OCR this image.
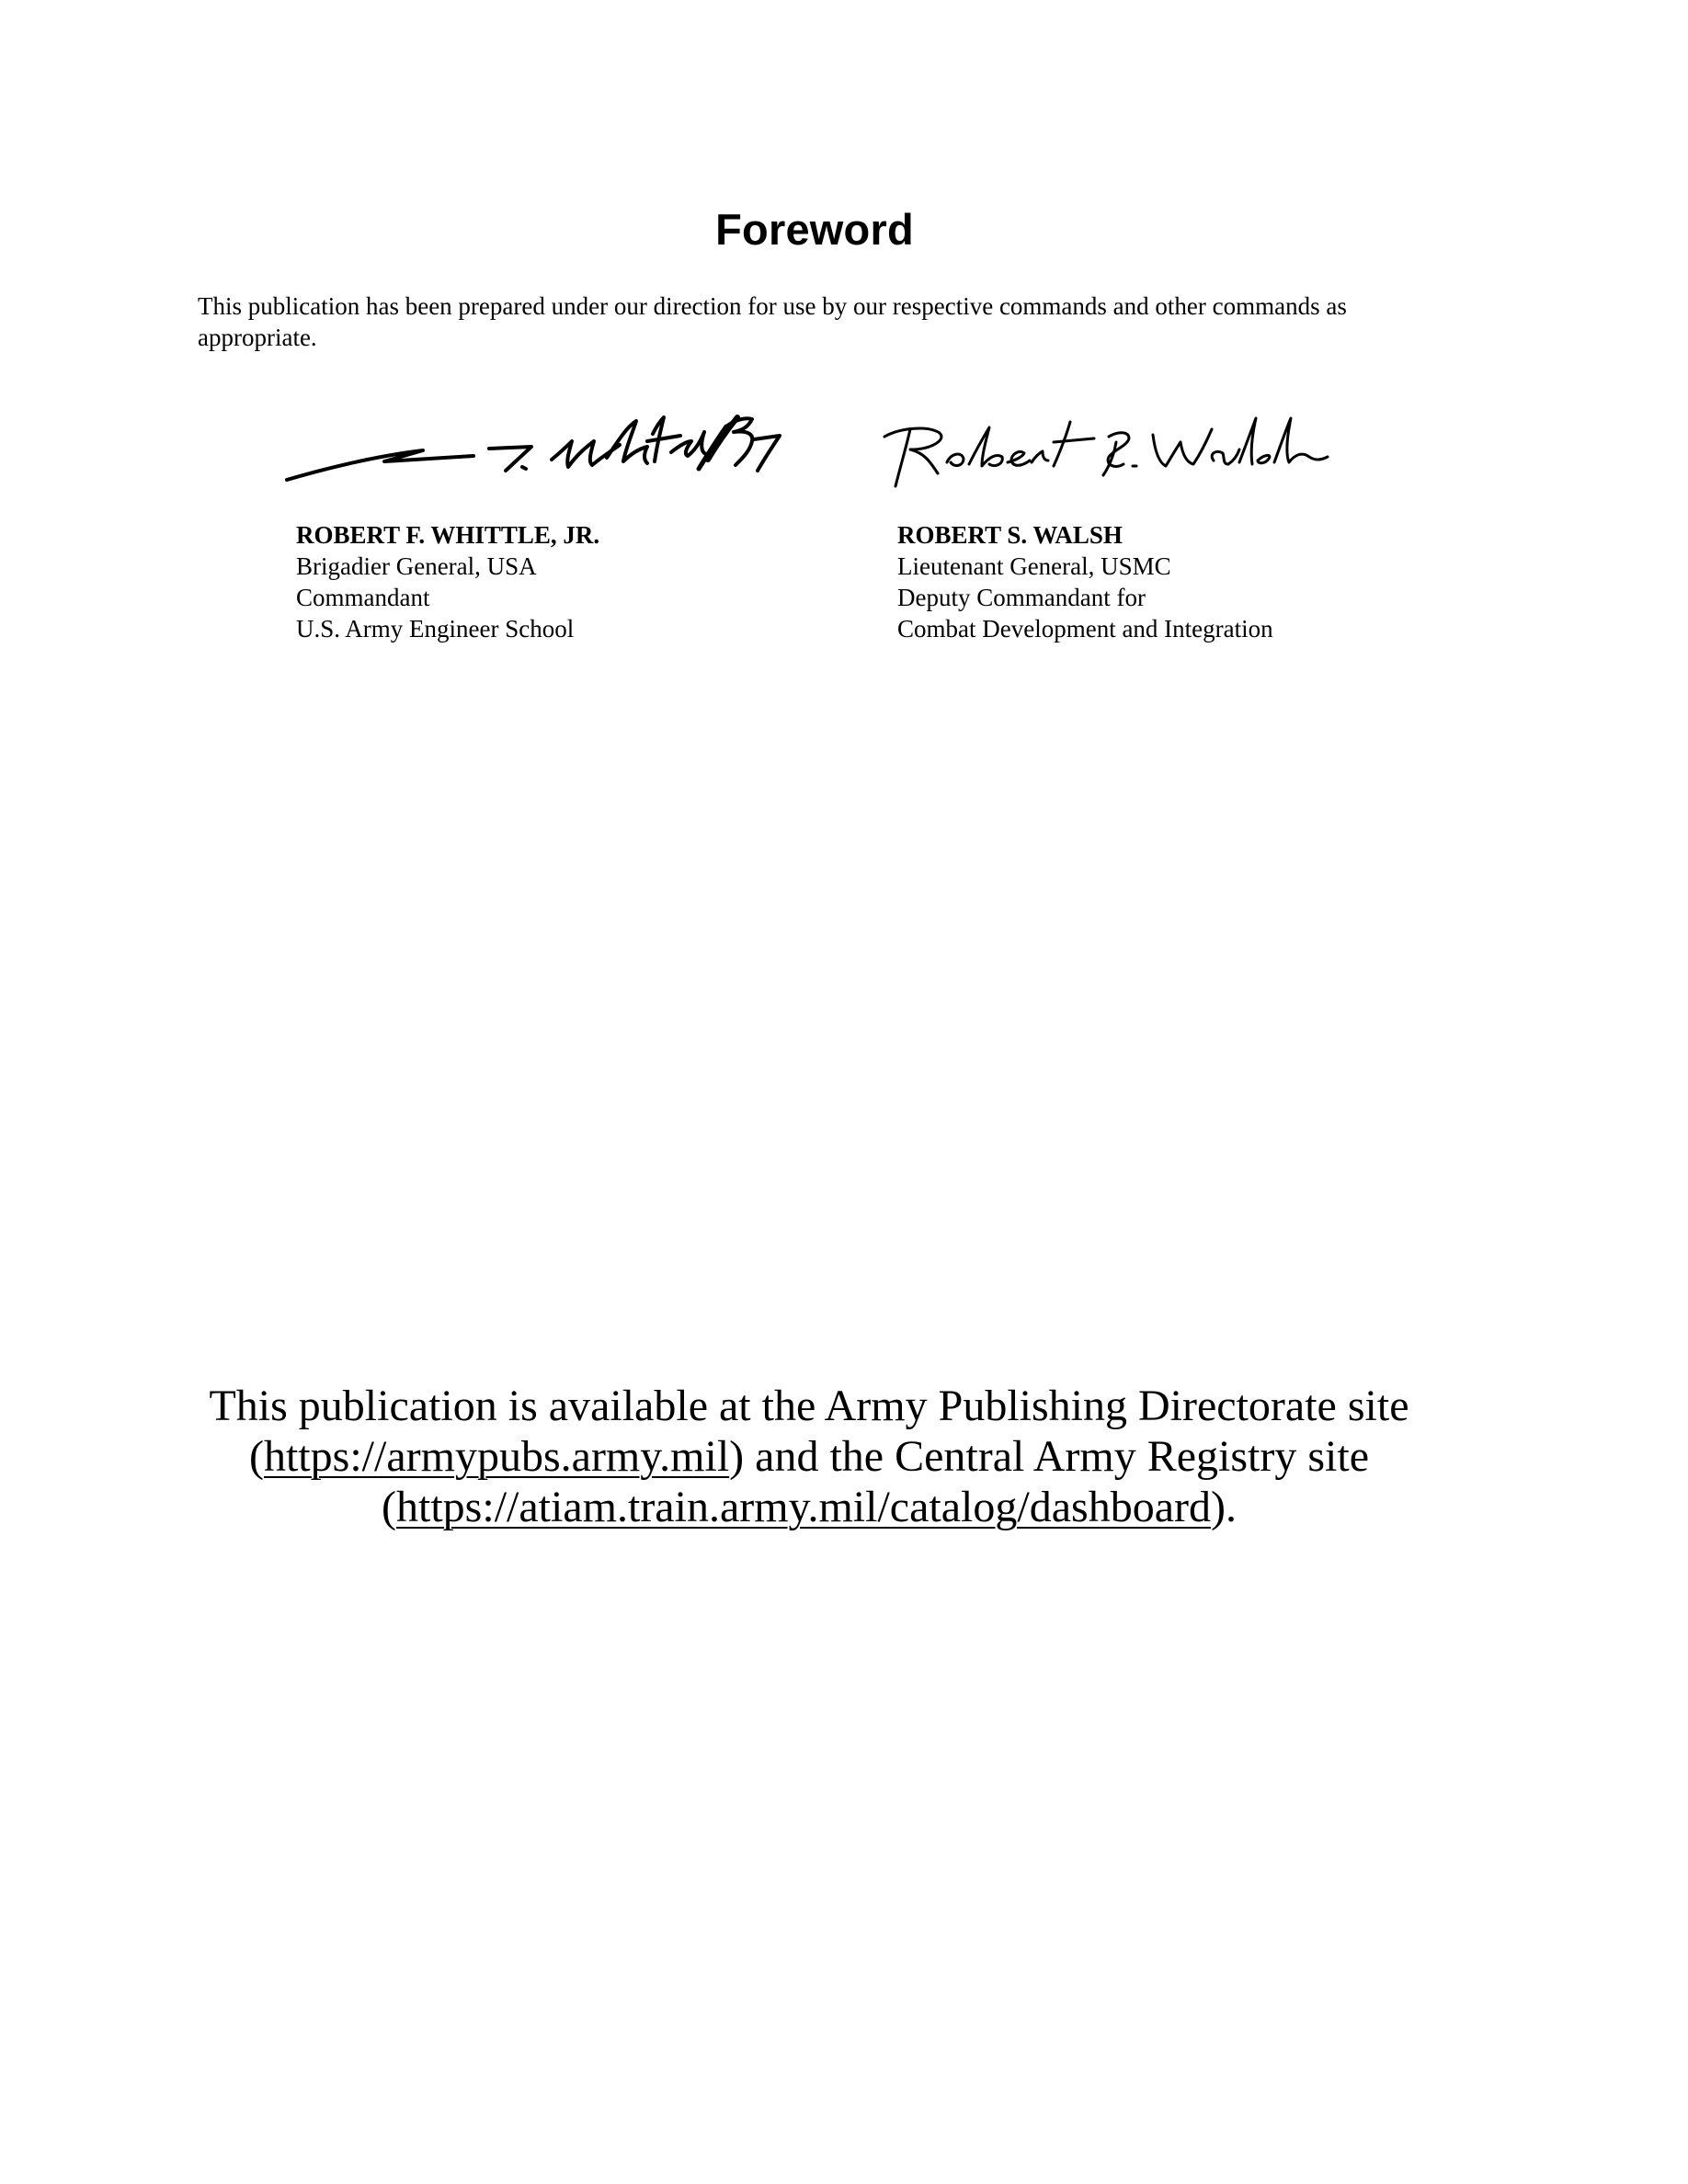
Foreword
This publication has been prepared under our direction for use by our respective commands and other commands as appropriate.
ROBERT F. WHITTLE, JR.
Brigadier General, USA
Commandant
U.S. Army Engineer School
ROBERT S. WALSH
Lieutenant General, USMC
Deputy Commandant for
Combat Development and Integration
This publication is available at the Army Publishing Directorate site
(https://armypubs.army.mil) and the Central Army Registry site
(https://atiam.train.army.mil/catalog/dashboard).
